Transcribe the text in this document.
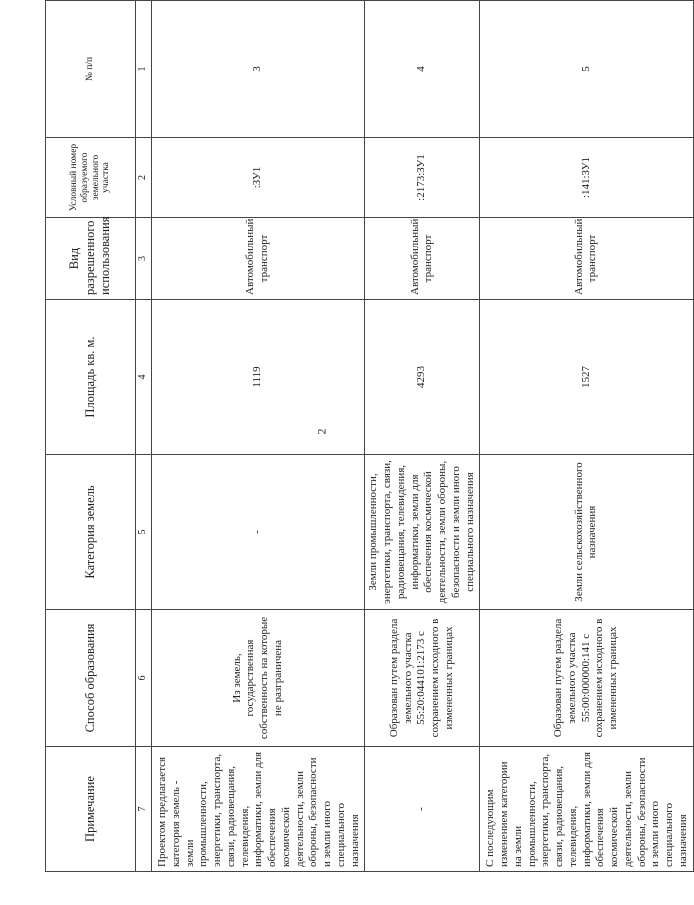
2
Примечание	Способ образования	Категория земель	Площадь кв. м.	Вид разрешенного использования	Условный номер образуемого земельного участка	№ п/п
7	6	5	4	3	2	1
Проектом предлагается категория земель - земли промышленности, энергетики, транспорта, связи, радиовещания, телевидения, информатики, земли для обеспечения космической деятельности, земли обороны, безопасности и земли иного специального назначения	Из земель, государственная собственность на которые не разграничена	-	1119	Автомобильный транспорт	:ЗУ1	3
-	Образован путем раздела земельного участка 55:20:044101:2173 с сохранением исходного в измененных границах	Земли промышленности, энергетики, транспорта, связи, радиовещания, телевидения, информатики, земли для обеспечения космической деятельности, земли обороны, безопасности и земли иного специального назначения	4293	Автомобильный транспорт	:2173:ЗУ1	4
С последующим изменением категории на земли промышленности, энергетики, транспорта, связи, радиовещания, телевидения, информатики, земли для обеспечения космической деятельности, земли обороны, безопасности и земли иного специального назначения	Образован путем раздела земельного участка 55:00:000000:141 с сохранением исходного в измененных границах	Земли сельскохозяйственного назначения	1527	Автомобильный транспорт	:141:ЗУ1	5
